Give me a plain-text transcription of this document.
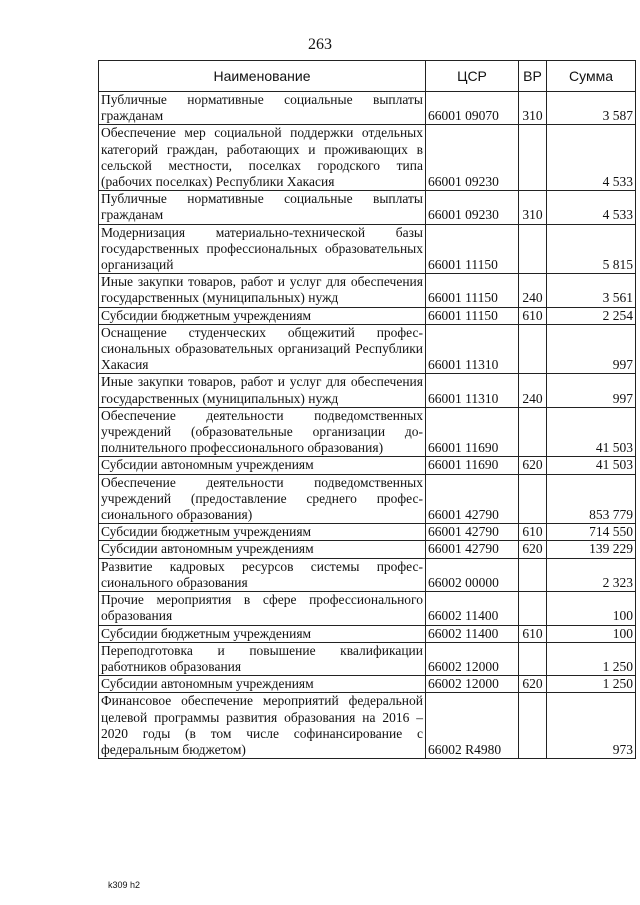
263
Наименование	ЦСР	ВР	Сумма
Публичные нормативные социальные выплаты гражданам	66001 09070	310	3 587
Обеспечение мер социальной поддержки отдельных категорий граждан, работающих и проживающих в сельской местности, поселках городского типа (рабочих поселках) Республики Хакасия	66001 09230		4 533
Публичные нормативные социальные выплаты гражданам	66001 09230	310	4 533
Модернизация материально-технической базы государственных профессиональных образовательных организаций	66001 11150		5 815
Иные закупки товаров, работ и услуг для обеспечения государственных (муниципальных) нужд	66001 11150	240	3 561
Субсидии бюджетным учреждениям	66001 11150	610	2 254
Оснащение студенческих общежитий профессиональных образовательных организаций Республики Хакасия	66001 11310		997
Иные закупки товаров, работ и услуг для обеспечения государственных (муниципальных) нужд	66001 11310	240	997
Обеспечение деятельности подведомственных учреждений (образовательные организации дополнительного профессионального образования)	66001 11690		41 503
Субсидии автономным учреждениям	66001 11690	620	41 503
Обеспечение деятельности подведомственных учреждений (предоставление среднего профессионального образования)	66001 42790		853 779
Субсидии бюджетным учреждениям	66001 42790	610	714 550
Субсидии автономным учреждениям	66001 42790	620	139 229
Развитие кадровых ресурсов системы профессионального образования	66002 00000		2 323
Прочие мероприятия в сфере профессионального образования	66002 11400		100
Субсидии бюджетным учреждениям	66002 11400	610	100
Переподготовка и повышение квалификации работников образования	66002 12000		1 250
Субсидии автономным учреждениям	66002 12000	620	1 250
Финансовое обеспечение мероприятий федеральной целевой программы развития образования на 2016 – 2020 годы (в том числе софинансирование с федеральным бюджетом)	66002 R4980		973
k309 h2
